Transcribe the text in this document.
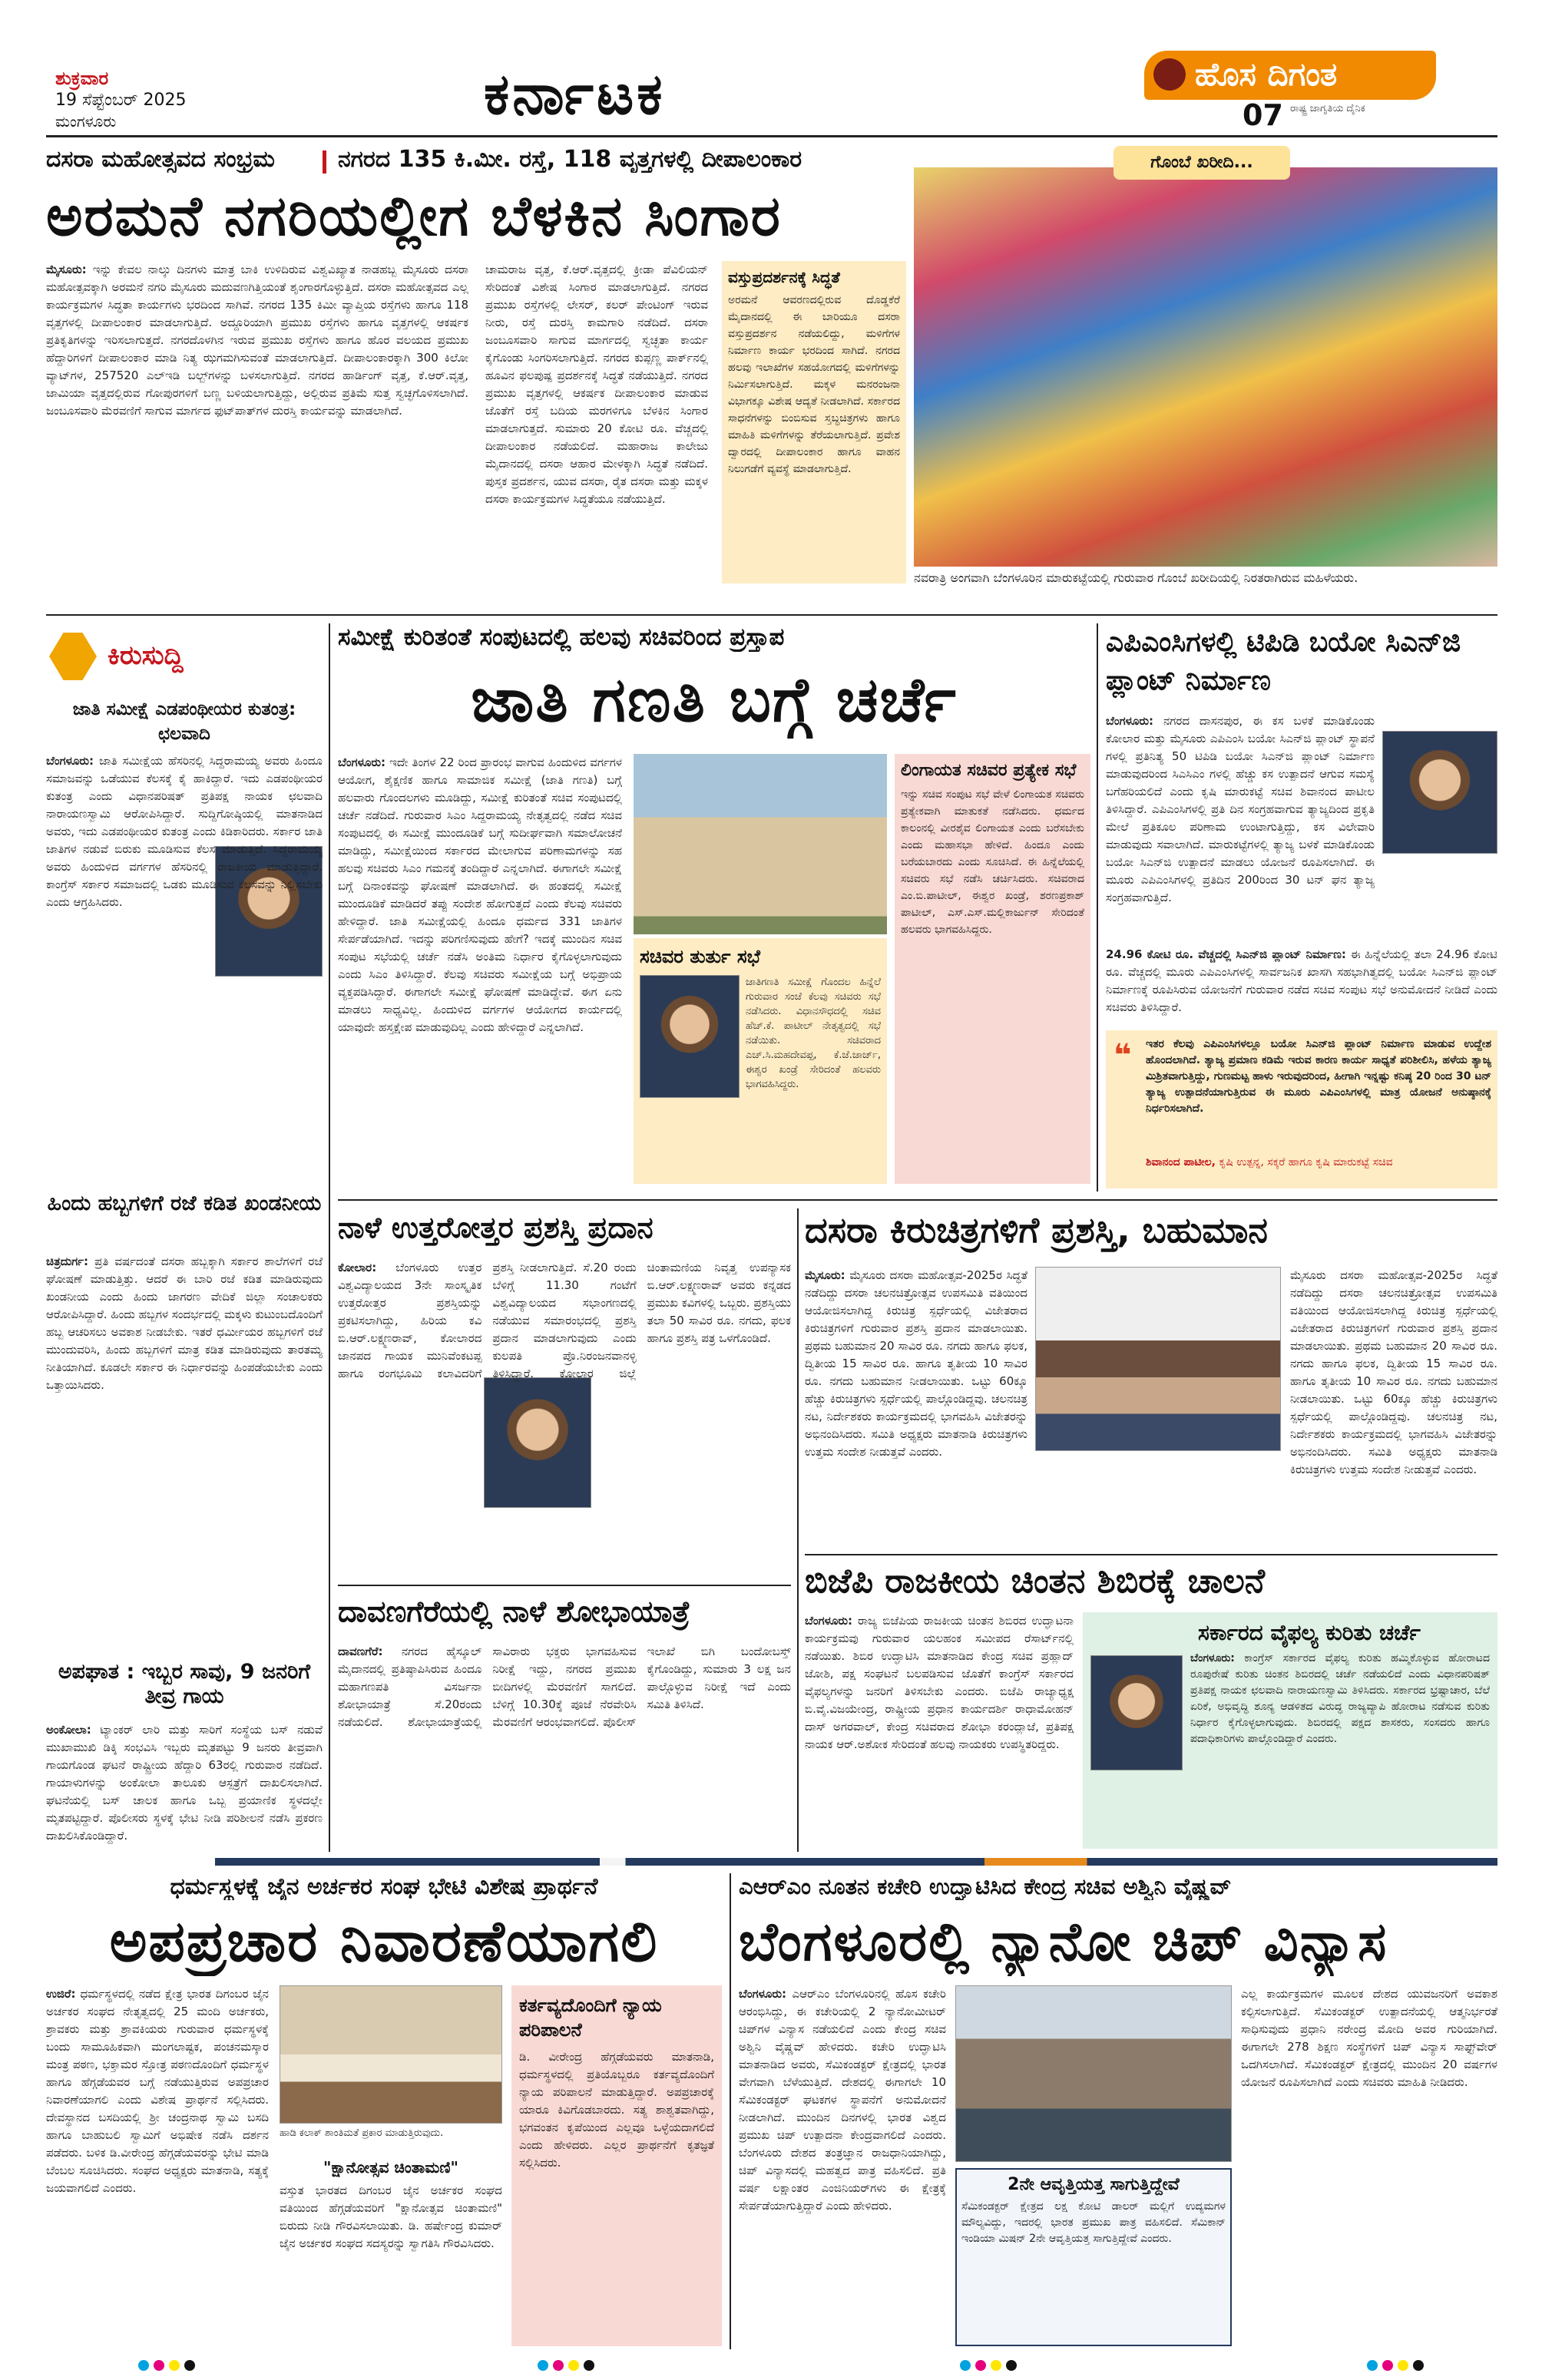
ಶುಕ್ರವಾರ
19 ಸೆಪ್ಟೆಂಬರ್ 2025
ಮಂಗಳೂರು	ಕರ್ನಾಟಕ	ಹೊಸ ದಿಗಂತ
ರಾಷ್ಟ್ರ ಜಾಗೃತಿಯ ದೈನಿಕ
07
ದಸರಾ ಮಹೋತ್ಸವದ ಸಂಭ್ರಮ	ನಗರದ 135 ಕಿ.ಮೀ. ರಸ್ತೆ, 118 ವೃತ್ತಗಳಲ್ಲಿ ದೀಪಾಲಂಕಾರ
ಅರಮನೆ ನಗರಿಯಲ್ಲೀಗ ಬೆಳಕಿನ ಸಿಂಗಾರ

ಮೈಸೂರು: ಇನ್ನು ಕೇವಲ ನಾಲ್ಕು ದಿನಗಳು ಮಾತ್ರ ಬಾಕಿ ಉಳಿದಿರುವ ವಿಶ್ವವಿಖ್ಯಾತ ನಾಡಹಬ್ಬ ಮೈಸೂರು ದಸರಾ ಮಹೋತ್ಸವಕ್ಕಾಗಿ ಅರಮನೆ ನಗರಿ ಮೈಸೂರು ಮದುವಣಗಿತ್ತಿಯಂತೆ ಶೃಂಗಾರಗೊಳ್ಳುತ್ತಿದೆ. ದಸರಾ ಮಹೋತ್ಸವದ ಎಲ್ಲ ಕಾರ್ಯಕ್ರಮಗಳ ಸಿದ್ಧತಾ ಕಾರ್ಯಗಳು ಭರದಿಂದ ಸಾಗಿವೆ. ನಗರದ 135 ಕಿಮೀ ವ್ಯಾಪ್ತಿಯ ರಸ್ತೆಗಳು ಹಾಗೂ 118 ವೃತ್ತಗಳಲ್ಲಿ ದೀಪಾಲಂಕಾರ ಮಾಡಲಾಗುತ್ತಿದೆ. ಅದ್ದೂರಿಯಾಗಿ ಪ್ರಮುಖ ರಸ್ತೆಗಳು ಹಾಗೂ ವೃತ್ತಗಳಲ್ಲಿ ಆಕರ್ಷಕ ಪ್ರತಿಕೃತಿಗಳನ್ನು ಇರಿಸಲಾಗುತ್ತದೆ. ನಗರದೊಳಗಿನ ಇರುವ ಪ್ರಮುಖ ರಸ್ತೆಗಳು ಹಾಗೂ ಹೊರ ವಲಯದ ಪ್ರಮುಖ ಹೆದ್ದಾರಿಗಳಿಗೆ ದೀಪಾಲಂಕಾರ ಮಾಡಿ ನಿತ್ಯ ಝಗಮಗಿಸುವಂತೆ ಮಾಡಲಾಗುತ್ತಿದೆ. ದೀಪಾಲಂಕಾರಕ್ಕಾಗಿ 300 ಕಿಲೋ ವ್ಯಾಟ್‌ಗಳ, 257520 ಎಲ್‌ಇಡಿ ಬಲ್ಬ್‌ಗಳನ್ನು ಬಳಸಲಾಗುತ್ತಿದೆ. ನಗರದ ಹಾರ್ಡಿಂಗ್ ವೃತ್ತ, ಕೆ.ಆರ್.ವೃತ್ತ, ಜಾಮಿಯಾ ವೃತ್ತದಲ್ಲಿರುವ ಗೋಪುರಗಳಿಗೆ ಬಣ್ಣ ಬಳಿಯಲಾಗುತ್ತಿದ್ದು, ಅಲ್ಲಿರುವ ಪ್ರತಿಮೆ ಸುತ್ತ ಸ್ವಚ್ಛಗೊಳಿಸಲಾಗಿದೆ. ಜಂಬೂಸವಾರಿ ಮೆರವಣಿಗೆ ಸಾಗುವ ಮಾರ್ಗದ ಫುಟ್‌ಪಾತ್‌ಗಳ ದುರಸ್ತಿ ಕಾರ್ಯವನ್ನು ಮಾಡಲಾಗಿದೆ.

ಚಾಮರಾಜ ವೃತ್ತ, ಕೆ.ಆರ್.ವೃತ್ತದಲ್ಲಿ ಕ್ರೀಡಾ ಪೆವಿಲಿಯನ್ ಸೇರಿದಂತೆ ವಿಶೇಷ ಸಿಂಗಾರ ಮಾಡಲಾಗುತ್ತಿದೆ. ನಗರದ ಪ್ರಮುಖ ರಸ್ತೆಗಳಲ್ಲಿ ಲೇಸರ್, ಕಲರ್ ಪೇಂಟಿಂಗ್ ಇರುವ ನೀರು, ರಸ್ತೆ ದುರಸ್ತಿ ಕಾಮಗಾರಿ ನಡೆದಿದೆ. ದಸರಾ ಜಂಬೂಸವಾರಿ ಸಾಗುವ ಮಾರ್ಗದಲ್ಲಿ ಸ್ವಚ್ಛತಾ ಕಾರ್ಯ ಕೈಗೊಂಡು ಸಿಂಗರಿಸಲಾಗುತ್ತಿದೆ. ನಗರದ ಕುಪ್ಪಣ್ಣ ಪಾರ್ಕ್‌ನಲ್ಲಿ ಹೂವಿನ ಫಲಪುಷ್ಪ ಪ್ರದರ್ಶನಕ್ಕೆ ಸಿದ್ಧತೆ ನಡೆಯುತ್ತಿದೆ. ನಗರದ ಪ್ರಮುಖ ವೃತ್ತಗಳಲ್ಲಿ ಆಕರ್ಷಕ ದೀಪಾಲಂಕಾರ ಮಾಡುವ ಜೊತೆಗೆ ರಸ್ತೆ ಬದಿಯ ಮರಗಳಿಗೂ ಬೆಳಕಿನ ಸಿಂಗಾರ ಮಾಡಲಾಗುತ್ತದೆ. ಸುಮಾರು 20 ಕೋಟಿ ರೂ. ವೆಚ್ಚದಲ್ಲಿ ದೀಪಾಲಂಕಾರ ನಡೆಯಲಿದೆ. ಮಹಾರಾಜ ಕಾಲೇಜು ಮೈದಾನದಲ್ಲಿ ದಸರಾ ಆಹಾರ ಮೇಳಕ್ಕಾಗಿ ಸಿದ್ಧತೆ ನಡೆದಿದೆ. ಪುಸ್ತಕ ಪ್ರದರ್ಶನ, ಯುವ ದಸರಾ, ರೈತ ದಸರಾ ಮತ್ತು ಮಕ್ಕಳ ದಸರಾ ಕಾರ್ಯಕ್ರಮಗಳ ಸಿದ್ಧತೆಯೂ ನಡೆಯುತ್ತಿದೆ.

ವಸ್ತುಪ್ರದರ್ಶನಕ್ಕೆ ಸಿದ್ಧತೆ
ಅರಮನೆ ಆವರಣದಲ್ಲಿರುವ ದೊಡ್ಡಕೆರೆ ಮೈದಾನದಲ್ಲಿ ಈ ಬಾರಿಯೂ ದಸರಾ ವಸ್ತುಪ್ರದರ್ಶನ ನಡೆಯಲಿದ್ದು, ಮಳಿಗೆಗಳ ನಿರ್ಮಾಣ ಕಾರ್ಯ ಭರದಿಂದ ಸಾಗಿದೆ. ನಗರದ ಹಲವು ಇಲಾಖೆಗಳ ಸಹಯೋಗದಲ್ಲಿ ಮಳಿಗೆಗಳನ್ನು ನಿರ್ಮಿಸಲಾಗುತ್ತಿದೆ. ಮಕ್ಕಳ ಮನರಂಜನಾ ವಿಭಾಗಕ್ಕೂ ವಿಶೇಷ ಆದ್ಯತೆ ನೀಡಲಾಗಿದೆ. ಸರ್ಕಾರದ ಸಾಧನೆಗಳನ್ನು ಬಿಂಬಿಸುವ ಸ್ತಬ್ಧಚಿತ್ರಗಳು ಹಾಗೂ ಮಾಹಿತಿ ಮಳಿಗೆಗಳನ್ನು ತೆರೆಯಲಾಗುತ್ತಿದೆ. ಪ್ರವೇಶ ದ್ವಾರದಲ್ಲಿ ದೀಪಾಲಂಕಾರ ಹಾಗೂ ವಾಹನ ನಿಲುಗಡೆಗೆ ವ್ಯವಸ್ಥೆ ಮಾಡಲಾಗುತ್ತಿದೆ.
ಗೊಂಬೆ ಖರೀದಿ...
ನವರಾತ್ರಿ ಅಂಗವಾಗಿ ಬೆಂಗಳೂರಿನ ಮಾರುಕಟ್ಟೆಯಲ್ಲಿ ಗುರುವಾರ ಗೊಂಬೆ ಖರೀದಿಯಲ್ಲಿ ನಿರತರಾಗಿರುವ ಮಹಿಳೆಯರು.
ಕಿರುಸುದ್ದಿ
ಜಾತಿ ಸಮೀಕ್ಷೆ ಎಡಪಂಥೀಯರ ಕುತಂತ್ರ: ಛಲವಾದಿ

ಬೆಂಗಳೂರು: ಜಾತಿ ಸಮೀಕ್ಷೆಯ ಹೆಸರಿನಲ್ಲಿ ಸಿದ್ದರಾಮಯ್ಯ ಅವರು ಹಿಂದೂ ಸಮಾಜವನ್ನು ಒಡೆಯುವ ಕೆಲಸಕ್ಕೆ ಕೈ ಹಾಕಿದ್ದಾರೆ. ಇದು ಎಡಪಂಥೀಯರ ಕುತಂತ್ರ ಎಂದು ವಿಧಾನಪರಿಷತ್ ಪ್ರತಿಪಕ್ಷ ನಾಯಕ ಛಲವಾದಿ ನಾರಾಯಣಸ್ವಾಮಿ ಆರೋಪಿಸಿದ್ದಾರೆ. ಸುದ್ದಿಗೋಷ್ಠಿಯಲ್ಲಿ ಮಾತನಾಡಿದ ಅವರು, ಇದು ಎಡಪಂಥೀಯರ ಕುತಂತ್ರ ಎಂದು ಕಿಡಿಕಾರಿದರು. ಸರ್ಕಾರ ಜಾತಿ ಜಾತಿಗಳ ನಡುವೆ ಬಿರುಕು ಮೂಡಿಸುವ ಕೆಲಸ ಮಾಡುತ್ತಿದೆ. ಸಿದ್ದರಾಮಯ್ಯ ಅವರು ಹಿಂದುಳಿದ ವರ್ಗಗಳ ಹೆಸರಿನಲ್ಲಿ ರಾಜಕೀಯ ಮಾಡುತ್ತಿದ್ದಾರೆ. ಕಾಂಗ್ರೆಸ್ ಸರ್ಕಾರ ಸಮಾಜದಲ್ಲಿ ಒಡಕು ಮೂಡಿಸುವ ಕೆಲಸವನ್ನು ನಿಲ್ಲಿಸಬೇಕು ಎಂದು ಆಗ್ರಹಿಸಿದರು.

ಹಿಂದು ಹಬ್ಬಗಳಿಗೆ ರಜೆ ಕಡಿತ ಖಂಡನೀಯ

ಚಿತ್ರದುರ್ಗ: ಪ್ರತಿ ವರ್ಷದಂತೆ ದಸರಾ ಹಬ್ಬಕ್ಕಾಗಿ ಸರ್ಕಾರ ಶಾಲೆಗಳಿಗೆ ರಜೆ ಘೋಷಣೆ ಮಾಡುತ್ತಿತ್ತು. ಆದರೆ ಈ ಬಾರಿ ರಜೆ ಕಡಿತ ಮಾಡಿರುವುದು ಖಂಡನೀಯ ಎಂದು ಹಿಂದು ಜಾಗರಣ ವೇದಿಕೆ ಜಿಲ್ಲಾ ಸಂಚಾಲಕರು ಆರೋಪಿಸಿದ್ದಾರೆ. ಹಿಂದು ಹಬ್ಬಗಳ ಸಂದರ್ಭದಲ್ಲಿ ಮಕ್ಕಳು ಕುಟುಂಬದೊಂದಿಗೆ ಹಬ್ಬ ಆಚರಿಸಲು ಅವಕಾಶ ನೀಡಬೇಕು. ಇತರೆ ಧರ್ಮೀಯರ ಹಬ್ಬಗಳಿಗೆ ರಜೆ ಮುಂದುವರಿಸಿ, ಹಿಂದು ಹಬ್ಬಗಳಿಗೆ ಮಾತ್ರ ಕಡಿತ ಮಾಡಿರುವುದು ತಾರತಮ್ಯ ನೀತಿಯಾಗಿದೆ. ಕೂಡಲೇ ಸರ್ಕಾರ ಈ ನಿರ್ಧಾರವನ್ನು ಹಿಂಪಡೆಯಬೇಕು ಎಂದು ಒತ್ತಾಯಿಸಿದರು.

ಅಪಘಾತ : ಇಬ್ಬರ ಸಾವು, 9 ಜನರಿಗೆ ತೀವ್ರ ಗಾಯ

ಅಂಕೋಲಾ: ಟ್ಯಾಂಕರ್ ಲಾರಿ ಮತ್ತು ಸಾರಿಗೆ ಸಂಸ್ಥೆಯ ಬಸ್ ನಡುವೆ ಮುಖಾಮುಖಿ ಡಿಕ್ಕಿ ಸಂಭವಿಸಿ ಇಬ್ಬರು ಮೃತಪಟ್ಟು 9 ಜನರು ತೀವ್ರವಾಗಿ ಗಾಯಗೊಂಡ ಘಟನೆ ರಾಷ್ಟ್ರೀಯ ಹೆದ್ದಾರಿ 63ರಲ್ಲಿ ಗುರುವಾರ ನಡೆದಿದೆ. ಗಾಯಾಳುಗಳನ್ನು ಅಂಕೋಲಾ ತಾಲೂಕು ಆಸ್ಪತ್ರೆಗೆ ದಾಖಲಿಸಲಾಗಿದೆ. ಘಟನೆಯಲ್ಲಿ ಬಸ್ ಚಾಲಕ ಹಾಗೂ ಒಬ್ಬ ಪ್ರಯಾಣಿಕ ಸ್ಥಳದಲ್ಲೇ ಮೃತಪಟ್ಟಿದ್ದಾರೆ. ಪೊಲೀಸರು ಸ್ಥಳಕ್ಕೆ ಭೇಟಿ ನೀಡಿ ಪರಿಶೀಲನೆ ನಡೆಸಿ ಪ್ರಕರಣ ದಾಖಲಿಸಿಕೊಂಡಿದ್ದಾರೆ.

ಸಮೀಕ್ಷೆ ಕುರಿತಂತೆ ಸಂಪುಟದಲ್ಲಿ ಹಲವು ಸಚಿವರಿಂದ ಪ್ರಸ್ತಾಪ
ಜಾತಿ ಗಣತಿ ಬಗ್ಗೆ ಚರ್ಚೆ

ಬೆಂಗಳೂರು: ಇದೇ ತಿಂಗಳ 22 ರಿಂದ ಪ್ರಾರಂಭ ವಾಗುವ ಹಿಂದುಳಿದ ವರ್ಗಗಳ ಆಯೋಗ, ಶೈಕ್ಷಣಿಕ ಹಾಗೂ ಸಾಮಾಜಿಕ ಸಮೀಕ್ಷೆ (ಜಾತಿ ಗಣತಿ) ಬಗ್ಗೆ ಹಲವಾರು ಗೊಂದಲಗಳು ಮೂಡಿದ್ದು, ಸಮೀಕ್ಷೆ ಕುರಿತಂತೆ ಸಚಿವ ಸಂಪುಟದಲ್ಲಿ ಚರ್ಚೆ ನಡೆದಿದೆ. ಗುರುವಾರ ಸಿಎಂ ಸಿದ್ದರಾಮಯ್ಯ ನೇತೃತ್ವದಲ್ಲಿ ನಡೆದ ಸಚಿವ ಸಂಪುಟದಲ್ಲಿ ಈ ಸಮೀಕ್ಷೆ ಮುಂದೂಡಿಕೆ ಬಗ್ಗೆ ಸುದೀರ್ಘವಾಗಿ ಸಮಾಲೋಚನೆ ಮಾಡಿದ್ದು, ಸಮೀಕ್ಷೆಯಿಂದ ಸರ್ಕಾರದ ಮೇಲಾಗುವ ಪರಿಣಾಮಗಳನ್ನು ಸಹ ಹಲವು ಸಚಿವರು ಸಿಎಂ ಗಮನಕ್ಕೆ ತಂದಿದ್ದಾರೆ ಎನ್ನಲಾಗಿದೆ. ಈಗಾಗಲೇ ಸಮೀಕ್ಷೆ ಬಗ್ಗೆ ದಿನಾಂಕವನ್ನು ಘೋಷಣೆ ಮಾಡಲಾಗಿದೆ. ಈ ಹಂತದಲ್ಲಿ ಸಮೀಕ್ಷೆ ಮುಂದೂಡಿಕೆ ಮಾಡಿದರೆ ತಪ್ಪು ಸಂದೇಶ ಹೋಗುತ್ತದೆ ಎಂದು ಕೆಲವು ಸಚಿವರು ಹೇಳಿದ್ದಾರೆ. ಜಾತಿ ಸಮೀಕ್ಷೆಯಲ್ಲಿ ಹಿಂದೂ ಧರ್ಮದ 331 ಜಾತಿಗಳ ಸೇರ್ಪಡೆಯಾಗಿದೆ. ಇದನ್ನು ಪರಿಗಣಿಸುವುದು ಹೇಗೆ? ಇದಕ್ಕೆ ಮುಂದಿನ ಸಚಿವ ಸಂಪುಟ ಸಭೆಯಲ್ಲಿ ಚರ್ಚೆ ನಡೆಸಿ ಅಂತಿಮ ನಿರ್ಧಾರ ಕೈಗೊಳ್ಳಲಾಗುವುದು ಎಂದು ಸಿಎಂ ತಿಳಿಸಿದ್ದಾರೆ. ಕೆಲವು ಸಚಿವರು ಸಮೀಕ್ಷೆಯ ಬಗ್ಗೆ ಅಭಿಪ್ರಾಯ ವ್ಯಕ್ತಪಡಿಸಿದ್ದಾರೆ. ಈಗಾಗಲೇ ಸಮೀಕ್ಷೆ ಘೋಷಣೆ ಮಾಡಿದ್ದೇವೆ. ಈಗ ಏನು ಮಾಡಲು ಸಾಧ್ಯವಿಲ್ಲ. ಹಿಂದುಳಿದ ವರ್ಗಗಳ ಆಯೋಗದ ಕಾರ್ಯದಲ್ಲಿ ಯಾವುದೇ ಹಸ್ತಕ್ಷೇಪ ಮಾಡುವುದಿಲ್ಲ ಎಂದು ಹೇಳಿದ್ದಾರೆ ಎನ್ನಲಾಗಿದೆ.

ಸಚಿವರ ತುರ್ತು ಸಭೆ
ಜಾತಿಗಣತಿ ಸಮೀಕ್ಷೆ ಗೊಂದಲ ಹಿನ್ನೆಲೆ ಗುರುವಾರ ಸಂಜೆ ಕೆಲವು ಸಚಿವರು ಸಭೆ ನಡೆಸಿದರು. ವಿಧಾನಸೌಧದಲ್ಲಿ ಸಚಿವ ಹೆಚ್.ಕೆ. ಪಾಟೀಲ್ ನೇತೃತ್ವದಲ್ಲಿ ಸಭೆ ನಡೆಯಿತು. ಸಚಿವರಾದ ಎಚ್.ಸಿ.ಮಹದೇವಪ್ಪ, ಕೆ.ಜೆ.ಜಾರ್ಜ್, ಈಶ್ವರ ಖಂಡ್ರೆ ಸೇರಿದಂತೆ ಹಲವರು ಭಾಗವಹಿಸಿದ್ದರು.
ಲಿಂಗಾಯತ ಸಚಿವರ ಪ್ರತ್ಯೇಕ ಸಭೆ
ಇನ್ನು ಸಚಿವ ಸಂಪುಟ ಸಭೆ ವೇಳೆ ಲಿಂಗಾಯತ ಸಚಿವರು ಪ್ರತ್ಯೇಕವಾಗಿ ಮಾತುಕತೆ ನಡೆಸಿದರು. ಧರ್ಮದ ಕಾಲಂನಲ್ಲಿ ವೀರಶೈವ ಲಿಂಗಾಯತ ಎಂದು ಬರೆಸಬೇಕು ಎಂದು ಮಹಾಸಭಾ ಹೇಳಿದೆ. ಹಿಂದೂ ಎಂದು ಬರೆಯಬಾರದು ಎಂದು ಸೂಚಿಸಿದೆ. ಈ ಹಿನ್ನೆಲೆಯಲ್ಲಿ ಸಚಿವರು ಸಭೆ ನಡೆಸಿ ಚರ್ಚಿಸಿದರು. ಸಚಿವರಾದ ಎಂ.ಬಿ.ಪಾಟೀಲ್, ಈಶ್ವರ ಖಂಡ್ರೆ, ಶರಣಪ್ರಕಾಶ್ ಪಾಟೀಲ್, ಎಸ್.ಎಸ್.ಮಲ್ಲಿಕಾರ್ಜುನ್ ಸೇರಿದಂತೆ ಹಲವರು ಭಾಗವಹಿಸಿದ್ದರು.
ಎಪಿಎಂಸಿಗಳಲ್ಲಿ ಟಿಪಿಡಿ ಬಯೋ ಸಿಎನ್‌ಜಿ ಪ್ಲಾಂಟ್ ನಿರ್ಮಾಣ

ಬೆಂಗಳೂರು: ನಗರದ ದಾಸನಪುರ, ಈ ಕಸ ಬಳಕೆ ಮಾಡಿಕೊಂಡು ಕೋಲಾರ ಮತ್ತು ಮೈಸೂರು ಎಪಿಎಂಸಿ ಬಯೋ ಸಿಎನ್‌ಜಿ ಪ್ಲಾಂಟ್ ಸ್ಥಾಪನೆ ಗಳಲ್ಲಿ ಪ್ರತಿನಿತ್ಯ 50 ಟಿಪಿಡಿ ಬಯೋ ಸಿಎನ್‌ಜಿ ಪ್ಲಾಂಟ್ ನಿರ್ಮಾಣ ಮಾಡುವುದರಿಂದ ಸಿಎಸಿಎಂ ಗಳಲ್ಲಿ ಹೆಚ್ಚು ಕಸ ಉತ್ಪಾದನೆ ಆಗುವ ಸಮಸ್ಯೆ ಬಗೆಹರಿಯಲಿದೆ ಎಂದು ಕೃಷಿ ಮಾರುಕಟ್ಟೆ ಸಚಿವ ಶಿವಾನಂದ ಪಾಟೀಲ ತಿಳಿಸಿದ್ದಾರೆ. ಎಪಿಎಂಸಿಗಳಲ್ಲಿ ಪ್ರತಿ ದಿನ ಸಂಗ್ರಹವಾಗುವ ತ್ಯಾಜ್ಯದಿಂದ ಪ್ರಕೃತಿ ಮೇಲೆ ಪ್ರತಿಕೂಲ ಪರಿಣಾಮ ಉಂಟಾಗುತ್ತಿದ್ದು, ಕಸ ವಿಲೇವಾರಿ ಮಾಡುವುದು ಸವಾಲಾಗಿದೆ. ಮಾರುಕಟ್ಟೆಗಳಲ್ಲಿ ತ್ಯಾಜ್ಯ ಬಳಕೆ ಮಾಡಿಕೊಂಡು ಬಯೋ ಸಿಎನ್‌ಜಿ ಉತ್ಪಾದನೆ ಮಾಡಲು ಯೋಜನೆ ರೂಪಿಸಲಾಗಿದೆ. ಈ ಮೂರು ಎಪಿಎಂಸಿಗಳಲ್ಲಿ ಪ್ರತಿದಿನ 200ರಿಂದ 30 ಟನ್ ಘನ ತ್ಯಾಜ್ಯ ಸಂಗ್ರಹವಾಗುತ್ತಿದೆ.

24.96 ಕೋಟಿ ರೂ. ವೆಚ್ಚದಲ್ಲಿ ಸಿಎನ್‌ಜಿ ಪ್ಲಾಂಟ್ ನಿರ್ಮಾಣ: ಈ ಹಿನ್ನೆಲೆಯಲ್ಲಿ ತಲಾ 24.96 ಕೋಟಿ ರೂ. ವೆಚ್ಚದಲ್ಲಿ ಮೂರು ಎಪಿಎಂಸಿಗಳಲ್ಲಿ ಸಾರ್ವಜನಿಕ ಖಾಸಗಿ ಸಹಭಾಗಿತ್ವದಲ್ಲಿ ಬಯೋ ಸಿಎನ್‌ಜಿ ಪ್ಲಾಂಟ್ ನಿರ್ಮಾಣಕ್ಕೆ ರೂಪಿಸಿರುವ ಯೋಜನೆಗೆ ಗುರುವಾರ ನಡೆದ ಸಚಿವ ಸಂಪುಟ ಸಭೆ ಅನುಮೋದನೆ ನೀಡಿದೆ ಎಂದು ಸಚಿವರು ತಿಳಿಸಿದ್ದಾರೆ.

❝ ಇತರ ಕೆಲವು ಎಪಿಎಂಸಿಗಳಲ್ಲೂ ಬಯೋ ಸಿಎನ್‌ಜಿ ಪ್ಲಾಂಟ್ ನಿರ್ಮಾಣ ಮಾಡುವ ಉದ್ದೇಶ ಹೊಂದಲಾಗಿದೆ. ತ್ಯಾಜ್ಯ ಪ್ರಮಾಣ ಕಡಿಮೆ ಇರುವ ಕಾರಣ ಕಾರ್ಯ ಸಾಧ್ಯತೆ ಪರಿಶೀಲಿಸಿ, ಹಳೆಯ ತ್ಯಾಜ್ಯ ಮಿಶ್ರಿತವಾಗುತ್ತಿದ್ದು, ಗುಣಮಟ್ಟ ಹಾಳು ಇರುವುದರಿಂದ, ಹೀಗಾಗಿ ಇನ್ನಷ್ಟು ಕನಿಷ್ಠ 20 ರಿಂದ 30 ಟನ್ ತ್ಯಾಜ್ಯ ಉತ್ಪಾದನೆಯಾಗುತ್ತಿರುವ ಈ ಮೂರು ಎಪಿಎಂಸಿಗಳಲ್ಲಿ ಮಾತ್ರ ಯೋಜನೆ ಅನುಷ್ಠಾನಕ್ಕೆ ನಿರ್ಧರಿಸಲಾಗಿದೆ.
ಶಿವಾನಂದ ಪಾಟೀಲ, ಕೃಷಿ ಉತ್ಪನ್ನ, ಸಕ್ಕರೆ ಹಾಗೂ ಕೃಷಿ ಮಾರುಕಟ್ಟೆ ಸಚಿವ
ನಾಳೆ ಉತ್ತರೋತ್ತರ ಪ್ರಶಸ್ತಿ ಪ್ರದಾನ

ಕೋಲಾರ: ಬೆಂಗಳೂರು ಉತ್ತರ ವಿಶ್ವವಿದ್ಯಾಲಯದ 3ನೇ ಸಾಂಸ್ಕೃತಿಕ ಉತ್ತರೋತ್ತರ ಪ್ರಶಸ್ತಿಯನ್ನು ಪ್ರಕಟಿಸಲಾಗಿದ್ದು, ಹಿರಿಯ ಕವಿ ಬಿ.ಆರ್.ಲಕ್ಷ್ಮಣರಾವ್, ಕೋಲಾರದ ಜಾನಪದ ಗಾಯಕ ಮುನಿವೆಂಕಟಪ್ಪ ಹಾಗೂ ರಂಗಭೂಮಿ ಕಲಾವಿದರಿಗೆ ಪ್ರಶಸ್ತಿ ನೀಡಲಾಗುತ್ತಿದೆ. ಸೆ.20 ರಂದು ಬೆಳಿಗ್ಗೆ 11.30 ಗಂಟೆಗೆ ವಿಶ್ವವಿದ್ಯಾಲಯದ ಸಭಾಂಗಣದಲ್ಲಿ ನಡೆಯುವ ಸಮಾರಂಭದಲ್ಲಿ ಪ್ರಶಸ್ತಿ ಪ್ರದಾನ ಮಾಡಲಾಗುವುದು ಎಂದು ಕುಲಪತಿ ಪ್ರೊ.ನಿರಂಜನವಾನಳ್ಳಿ ತಿಳಿಸಿದ್ದಾರೆ. ಕೋಲಾರ ಜಿಲ್ಲೆ ಚಿಂತಾಮಣಿಯ ನಿವೃತ್ತ ಉಪನ್ಯಾಸಕ ಬಿ.ಆರ್.ಲಕ್ಷ್ಮಣರಾವ್ ಅವರು ಕನ್ನಡದ ಪ್ರಮುಖ ಕವಿಗಳಲ್ಲಿ ಒಬ್ಬರು. ಪ್ರಶಸ್ತಿಯು ತಲಾ 50 ಸಾವಿರ ರೂ. ನಗದು, ಫಲಕ ಹಾಗೂ ಪ್ರಶಸ್ತಿ ಪತ್ರ ಒಳಗೊಂಡಿದೆ.

ದಾವಣಗೆರೆಯಲ್ಲಿ ನಾಳೆ ಶೋಭಾಯಾತ್ರೆ

ದಾವಣಗೆರೆ: ನಗರದ ಹೈಸ್ಕೂಲ್ ಮೈದಾನದಲ್ಲಿ ಪ್ರತಿಷ್ಠಾಪಿಸಿರುವ ಹಿಂದೂ ಮಹಾಗಣಪತಿ ವಿಸರ್ಜನಾ ಶೋಭಾಯಾತ್ರೆ ಸೆ.20ರಂದು ನಡೆಯಲಿದೆ. ಶೋಭಾಯಾತ್ರೆಯಲ್ಲಿ ಸಾವಿರಾರು ಭಕ್ತರು ಭಾಗವಹಿಸುವ ನಿರೀಕ್ಷೆ ಇದ್ದು, ನಗರದ ಪ್ರಮುಖ ಬೀದಿಗಳಲ್ಲಿ ಮೆರವಣಿಗೆ ಸಾಗಲಿದೆ. ಬೆಳಿಗ್ಗೆ 10.30ಕ್ಕೆ ಪೂಜೆ ನೆರವೇರಿಸಿ ಮೆರವಣಿಗೆ ಆರಂಭವಾಗಲಿದೆ. ಪೊಲೀಸ್ ಇಲಾಖೆ ಬಿಗಿ ಬಂದೋಬಸ್ತ್ ಕೈಗೊಂಡಿದ್ದು, ಸುಮಾರು 3 ಲಕ್ಷ ಜನ ಪಾಲ್ಗೊಳ್ಳುವ ನಿರೀಕ್ಷೆ ಇದೆ ಎಂದು ಸಮಿತಿ ತಿಳಿಸಿದೆ.

ದಸರಾ ಕಿರುಚಿತ್ರಗಳಿಗೆ ಪ್ರಶಸ್ತಿ, ಬಹುಮಾನ

ಮೈಸೂರು: ಮೈಸೂರು ದಸರಾ ಮಹೋತ್ಸವ-2025ರ ಸಿದ್ಧತೆ ನಡೆದಿದ್ದು ದಸರಾ ಚಲನಚಿತ್ರೋತ್ಸವ ಉಪಸಮಿತಿ ವತಿಯಿಂದ ಆಯೋಜಿಸಲಾಗಿದ್ದ ಕಿರುಚಿತ್ರ ಸ್ಪರ್ಧೆಯಲ್ಲಿ ವಿಜೇತರಾದ ಕಿರುಚಿತ್ರಗಳಿಗೆ ಗುರುವಾರ ಪ್ರಶಸ್ತಿ ಪ್ರದಾನ ಮಾಡಲಾಯಿತು. ಪ್ರಥಮ ಬಹುಮಾನ 20 ಸಾವಿರ ರೂ. ನಗದು ಹಾಗೂ ಫಲಕ, ದ್ವಿತೀಯ 15 ಸಾವಿರ ರೂ. ಹಾಗೂ ತೃತೀಯ 10 ಸಾವಿರ ರೂ. ನಗದು ಬಹುಮಾನ ನೀಡಲಾಯಿತು. ಒಟ್ಟು 60ಕ್ಕೂ ಹೆಚ್ಚು ಕಿರುಚಿತ್ರಗಳು ಸ್ಪರ್ಧೆಯಲ್ಲಿ ಪಾಲ್ಗೊಂಡಿದ್ದವು. ಚಲನಚಿತ್ರ ನಟ, ನಿರ್ದೇಶಕರು ಕಾರ್ಯಕ್ರಮದಲ್ಲಿ ಭಾಗವಹಿಸಿ ವಿಜೇತರನ್ನು ಅಭಿನಂದಿಸಿದರು. ಸಮಿತಿ ಅಧ್ಯಕ್ಷರು ಮಾತನಾಡಿ ಕಿರುಚಿತ್ರಗಳು ಉತ್ತಮ ಸಂದೇಶ ನೀಡುತ್ತವೆ ಎಂದರು.

ಮೈಸೂರು ದಸರಾ ಮಹೋತ್ಸವ-2025ರ ಸಿದ್ಧತೆ ನಡೆದಿದ್ದು ದಸರಾ ಚಲನಚಿತ್ರೋತ್ಸವ ಉಪಸಮಿತಿ ವತಿಯಿಂದ ಆಯೋಜಿಸಲಾಗಿದ್ದ ಕಿರುಚಿತ್ರ ಸ್ಪರ್ಧೆಯಲ್ಲಿ ವಿಜೇತರಾದ ಕಿರುಚಿತ್ರಗಳಿಗೆ ಗುರುವಾರ ಪ್ರಶಸ್ತಿ ಪ್ರದಾನ ಮಾಡಲಾಯಿತು. ಪ್ರಥಮ ಬಹುಮಾನ 20 ಸಾವಿರ ರೂ. ನಗದು ಹಾಗೂ ಫಲಕ, ದ್ವಿತೀಯ 15 ಸಾವಿರ ರೂ. ಹಾಗೂ ತೃತೀಯ 10 ಸಾವಿರ ರೂ. ನಗದು ಬಹುಮಾನ ನೀಡಲಾಯಿತು. ಒಟ್ಟು 60ಕ್ಕೂ ಹೆಚ್ಚು ಕಿರುಚಿತ್ರಗಳು ಸ್ಪರ್ಧೆಯಲ್ಲಿ ಪಾಲ್ಗೊಂಡಿದ್ದವು. ಚಲನಚಿತ್ರ ನಟ, ನಿರ್ದೇಶಕರು ಕಾರ್ಯಕ್ರಮದಲ್ಲಿ ಭಾಗವಹಿಸಿ ವಿಜೇತರನ್ನು ಅಭಿನಂದಿಸಿದರು. ಸಮಿತಿ ಅಧ್ಯಕ್ಷರು ಮಾತನಾಡಿ ಕಿರುಚಿತ್ರಗಳು ಉತ್ತಮ ಸಂದೇಶ ನೀಡುತ್ತವೆ ಎಂದರು.

ಬಿಜೆಪಿ ರಾಜಕೀಯ ಚಿಂತನ ಶಿಬಿರಕ್ಕೆ ಚಾಲನೆ

ಬೆಂಗಳೂರು: ರಾಜ್ಯ ಬಿಜೆಪಿಯ ರಾಜಕೀಯ ಚಿಂತನ ಶಿಬಿರದ ಉದ್ಘಾಟನಾ ಕಾರ್ಯಕ್ರಮವು ಗುರುವಾರ ಯಲಹಂಕ ಸಮೀಪದ ರೆಸಾರ್ಟ್‌ನಲ್ಲಿ ನಡೆಯಿತು. ಶಿಬಿರ ಉದ್ಘಾಟಿಸಿ ಮಾತನಾಡಿದ ಕೇಂದ್ರ ಸಚಿವ ಪ್ರಹ್ಲಾದ್ ಜೋಶಿ, ಪಕ್ಷ ಸಂಘಟನೆ ಬಲಪಡಿಸುವ ಜೊತೆಗೆ ಕಾಂಗ್ರೆಸ್ ಸರ್ಕಾರದ ವೈಫಲ್ಯಗಳನ್ನು ಜನರಿಗೆ ತಿಳಿಸಬೇಕು ಎಂದರು. ಬಿಜೆಪಿ ರಾಜ್ಯಾಧ್ಯಕ್ಷ ಬಿ.ವೈ.ವಿಜಯೇಂದ್ರ, ರಾಷ್ಟ್ರೀಯ ಪ್ರಧಾನ ಕಾರ್ಯದರ್ಶಿ ರಾಧಾಮೋಹನ್ ದಾಸ್ ಅಗರವಾಲ್, ಕೇಂದ್ರ ಸಚಿವರಾದ ಶೋಭಾ ಕರಂದ್ಲಾಜೆ, ಪ್ರತಿಪಕ್ಷ ನಾಯಕ ಆರ್.ಅಶೋಕ ಸೇರಿದಂತೆ ಹಲವು ನಾಯಕರು ಉಪಸ್ಥಿತರಿದ್ದರು.

ಸರ್ಕಾರದ ವೈಫಲ್ಯ ಕುರಿತು ಚರ್ಚೆ

ಬೆಂಗಳೂರು: ಕಾಂಗ್ರೆಸ್ ಸರ್ಕಾರದ ವೈಫಲ್ಯ ಕುರಿತು ಹಮ್ಮಿಕೊಳ್ಳುವ ಹೋರಾಟದ ರೂಪುರೇಷೆ ಕುರಿತು ಚಿಂತನ ಶಿಬಿರದಲ್ಲಿ ಚರ್ಚೆ ನಡೆಯಲಿದೆ ಎಂದು ವಿಧಾನಪರಿಷತ್ ಪ್ರತಿಪಕ್ಷ ನಾಯಕ ಛಲವಾದಿ ನಾರಾಯಣಸ್ವಾಮಿ ತಿಳಿಸಿದರು. ಸರ್ಕಾರದ ಭ್ರಷ್ಟಾಚಾರ, ಬೆಲೆ ಏರಿಕೆ, ಅಭಿವೃದ್ಧಿ ಶೂನ್ಯ ಆಡಳಿತದ ವಿರುದ್ಧ ರಾಜ್ಯವ್ಯಾಪಿ ಹೋರಾಟ ನಡೆಸುವ ಕುರಿತು ನಿರ್ಧಾರ ಕೈಗೊಳ್ಳಲಾಗುವುದು. ಶಿಬಿರದಲ್ಲಿ ಪಕ್ಷದ ಶಾಸಕರು, ಸಂಸದರು ಹಾಗೂ ಪದಾಧಿಕಾರಿಗಳು ಪಾಲ್ಗೊಂಡಿದ್ದಾರೆ ಎಂದರು.

ಧರ್ಮಸ್ಥಳಕ್ಕೆ ಜೈನ ಅರ್ಚಕರ ಸಂಘ ಭೇಟಿ ವಿಶೇಷ ಪ್ರಾರ್ಥನೆ
ಅಪಪ್ರಚಾರ ನಿವಾರಣೆಯಾಗಲಿ

ಉಜಿರೆ: ಧರ್ಮಸ್ಥಳದಲ್ಲಿ ನಡೆದ ಕ್ಷೇತ್ರ ಭಾರತ ದಿಗಂಬರ ಜೈನ ಅರ್ಚಕರ ಸಂಘದ ನೇತೃತ್ವದಲ್ಲಿ 25 ಮಂದಿ ಅರ್ಚಕರು, ಶ್ರಾವಕರು ಮತ್ತು ಶ್ರಾವಕಿಯರು ಗುರುವಾರ ಧರ್ಮಸ್ಥಳಕ್ಕೆ ಬಂದು ಸಾಮೂಹಿಕವಾಗಿ ಮಂಗಲಾಷ್ಟಕ, ಪಂಚನಮಸ್ಕಾರ ಮಂತ್ರ ಪಠಣ, ಭಕ್ತಾಮರ ಸ್ತೋತ್ರ ಪಠಣದೊಂದಿಗೆ ಧರ್ಮಸ್ಥಳ ಹಾಗೂ ಹೆಗ್ಗಡೆಯವರ ಬಗ್ಗೆ ನಡೆಯುತ್ತಿರುವ ಅಪಪ್ರಚಾರ ನಿವಾರಣೆಯಾಗಲಿ ಎಂದು ವಿಶೇಷ ಪ್ರಾರ್ಥನೆ ಸಲ್ಲಿಸಿದರು. ದೇವಸ್ಥಾನದ ಬಸದಿಯಲ್ಲಿ ಶ್ರೀ ಚಂದ್ರನಾಥ ಸ್ವಾಮಿ ಬಸದಿ ಹಾಗೂ ಬಾಹುಬಲಿ ಸ್ವಾಮಿಗೆ ಅಭಿಷೇಕ ನಡೆಸಿ ದರ್ಶನ ಪಡೆದರು. ಬಳಿಕ ಡಿ.ವೀರೇಂದ್ರ ಹೆಗ್ಗಡೆಯವರನ್ನು ಭೇಟಿ ಮಾಡಿ ಬೆಂಬಲ ಸೂಚಿಸಿದರು. ಸಂಘದ ಅಧ್ಯಕ್ಷರು ಮಾತನಾಡಿ, ಸತ್ಯಕ್ಕೆ ಜಯವಾಗಲಿದೆ ಎಂದರು.

ಹಾಡಿ ಕಲಾಕ್ ಶಾಂತಿಮತೆ ಪ್ರಕಾರ ಮಾಡುತ್ತಿರುವುದು.
"ಕ್ಷಾನೋತ್ಸವ ಚಿಂತಾಮಣಿ"
ವಸ್ತುತ ಭಾರತದ ದಿಗಂಬರ ಜೈನ ಅರ್ಚಕರ ಸಂಘದ ವತಿಯಿಂದ ಹೆಗ್ಗಡೆಯವರಿಗೆ "ಕ್ಷಾನೋತ್ಸವ ಚಿಂತಾಮಣಿ" ಬಿರುದು ನೀಡಿ ಗೌರವಿಸಲಾಯಿತು. ಡಿ. ಹರ್ಷೇಂದ್ರ ಕುಮಾರ್ ಜೈನ ಅರ್ಚಕರ ಸಂಘದ ಸದಸ್ಯರನ್ನು ಸ್ವಾಗತಿಸಿ ಗೌರವಿಸಿದರು.
ಕರ್ತವ್ಯದೊಂದಿಗೆ ನ್ಯಾಯ ಪರಿಪಾಲನೆ
ಡಿ. ವೀರೇಂದ್ರ ಹೆಗ್ಗಡೆಯವರು ಮಾತನಾಡಿ, ಧರ್ಮಸ್ಥಳದಲ್ಲಿ ಪ್ರತಿಯೊಬ್ಬರೂ ಕರ್ತವ್ಯದೊಂದಿಗೆ ನ್ಯಾಯ ಪರಿಪಾಲನೆ ಮಾಡುತ್ತಿದ್ದಾರೆ. ಅಪಪ್ರಚಾರಕ್ಕೆ ಯಾರೂ ಕಿವಿಗೊಡಬಾರದು. ಸತ್ಯ ಶಾಶ್ವತವಾಗಿದ್ದು, ಭಗವಂತನ ಕೃಪೆಯಿಂದ ಎಲ್ಲವೂ ಒಳ್ಳೆಯದಾಗಲಿದೆ ಎಂದು ಹೇಳಿದರು. ಎಲ್ಲರ ಪ್ರಾರ್ಥನೆಗೆ ಕೃತಜ್ಞತೆ ಸಲ್ಲಿಸಿದರು.
ಎಆರ್‌ಎಂ ನೂತನ ಕಚೇರಿ ಉದ್ಘಾಟಿಸಿದ ಕೇಂದ್ರ ಸಚಿವ ಅಶ್ವಿನಿ ವೈಷ್ಣವ್
ಬೆಂಗಳೂರಲ್ಲಿ ನ್ಯಾನೋ ಚಿಪ್ ವಿನ್ಯಾಸ

ಬೆಂಗಳೂರು: ಎಆರ್‌ಎಂ ಬೆಂಗಳೂರಿನಲ್ಲಿ ಹೊಸ ಕಚೇರಿ ಆರಂಭಿಸಿದ್ದು, ಈ ಕಚೇರಿಯಲ್ಲಿ 2 ನ್ಯಾನೋಮೀಟರ್ ಚಿಪ್‌ಗಳ ವಿನ್ಯಾಸ ನಡೆಯಲಿದೆ ಎಂದು ಕೇಂದ್ರ ಸಚಿವ ಅಶ್ವಿನಿ ವೈಷ್ಣವ್ ಹೇಳಿದರು. ಕಚೇರಿ ಉದ್ಘಾಟಿಸಿ ಮಾತನಾಡಿದ ಅವರು, ಸೆಮಿಕಂಡಕ್ಟರ್ ಕ್ಷೇತ್ರದಲ್ಲಿ ಭಾರತ ವೇಗವಾಗಿ ಬೆಳೆಯುತ್ತಿದೆ. ದೇಶದಲ್ಲಿ ಈಗಾಗಲೇ 10 ಸೆಮಿಕಂಡಕ್ಟರ್ ಘಟಕಗಳ ಸ್ಥಾಪನೆಗೆ ಅನುಮೋದನೆ ನೀಡಲಾಗಿದೆ. ಮುಂದಿನ ದಿನಗಳಲ್ಲಿ ಭಾರತ ವಿಶ್ವದ ಪ್ರಮುಖ ಚಿಪ್ ಉತ್ಪಾದನಾ ಕೇಂದ್ರವಾಗಲಿದೆ ಎಂದರು. ಬೆಂಗಳೂರು ದೇಶದ ತಂತ್ರಜ್ಞಾನ ರಾಜಧಾನಿಯಾಗಿದ್ದು, ಚಿಪ್ ವಿನ್ಯಾಸದಲ್ಲಿ ಮಹತ್ವದ ಪಾತ್ರ ವಹಿಸಲಿದೆ. ಪ್ರತಿ ವರ್ಷ ಲಕ್ಷಾಂತರ ಎಂಜಿನಿಯರ್‌ಗಳು ಈ ಕ್ಷೇತ್ರಕ್ಕೆ ಸೇರ್ಪಡೆಯಾಗುತ್ತಿದ್ದಾರೆ ಎಂದು ಹೇಳಿದರು.

2ನೇ ಆವೃತ್ತಿಯತ್ತ ಸಾಗುತ್ತಿದ್ದೇವೆ
ಸೆಮಿಕಂಡಕ್ಟರ್ ಕ್ಷೇತ್ರದ ಲಕ್ಷ ಕೋಟಿ ಡಾಲರ್ ಮಲ್ಲಿಗೆ ಉದ್ಯಮಗಳ ಮೌಲ್ಯವಿದ್ದು, ಇದರಲ್ಲಿ ಭಾರತ ಪ್ರಮುಖ ಪಾತ್ರ ವಹಿಸಲಿದೆ. ಸೆಮಿಕಾನ್ ಇಂಡಿಯಾ ಮಿಷನ್ 2ನೇ ಆವೃತ್ತಿಯತ್ತ ಸಾಗುತ್ತಿದ್ದೇವೆ ಎಂದರು.
ಎಲ್ಲ ಕಾರ್ಯಕ್ರಮಗಳ ಮೂಲಕ ದೇಶದ ಯುವಜನರಿಗೆ ಅವಕಾಶ ಕಲ್ಪಿಸಲಾಗುತ್ತಿದೆ. ಸೆಮಿಕಂಡಕ್ಟರ್ ಉತ್ಪಾದನೆಯಲ್ಲಿ ಆತ್ಮನಿರ್ಭರತೆ ಸಾಧಿಸುವುದು ಪ್ರಧಾನಿ ನರೇಂದ್ರ ಮೋದಿ ಅವರ ಗುರಿಯಾಗಿದೆ. ಈಗಾಗಲೇ 278 ಶಿಕ್ಷಣ ಸಂಸ್ಥೆಗಳಿಗೆ ಚಿಪ್ ವಿನ್ಯಾಸ ಸಾಫ್ಟ್‌ವೇರ್ ಒದಗಿಸಲಾಗಿದೆ. ಸೆಮಿಕಂಡಕ್ಟರ್ ಕ್ಷೇತ್ರದಲ್ಲಿ ಮುಂದಿನ 20 ವರ್ಷಗಳ ಯೋಜನೆ ರೂಪಿಸಲಾಗಿದೆ ಎಂದು ಸಚಿವರು ಮಾಹಿತಿ ನೀಡಿದರು.
